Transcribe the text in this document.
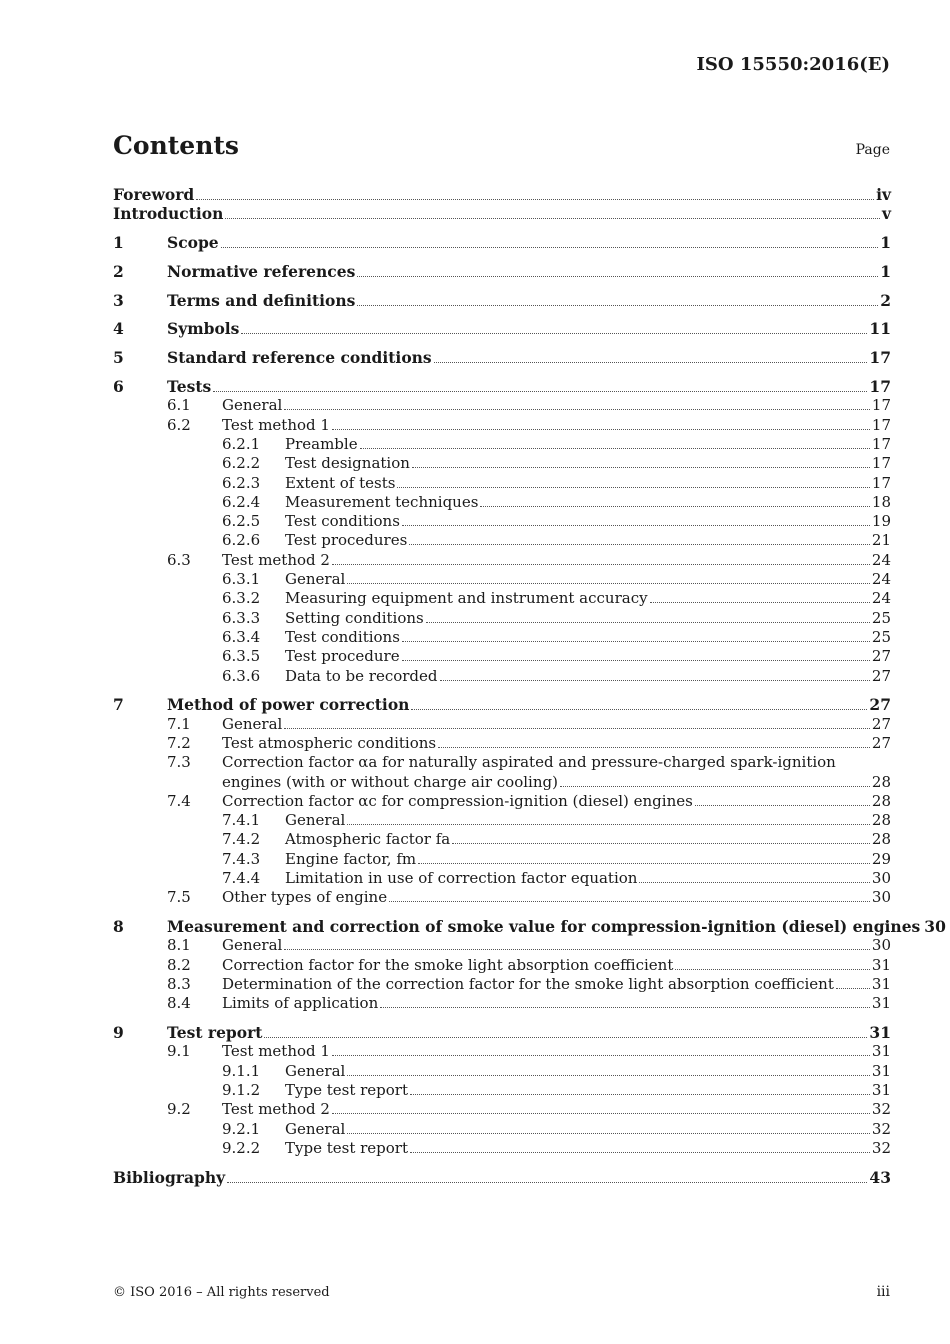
ISO 15550:2016(E)
Contents	Page
Foreword	iv
Introduction	v
1	Scope	1
2	Normative references	1
3	Terms and definitions	2
4	Symbols	11
5	Standard reference conditions	17
6	Tests	17
6.1 General	17
6.2 Test method 1	17
6.2.1 Preamble	17
6.2.2 Test designation	17
6.2.3 Extent of tests	17
6.2.4 Measurement techniques	18
6.2.5 Test conditions	19
6.2.6 Test procedures	21
6.3 Test method 2	24
6.3.1 General	24
6.3.2 Measuring equipment and instrument accuracy	24
6.3.3 Setting conditions	25
6.3.4 Test conditions	25
6.3.5 Test procedure	27
6.3.6 Data to be recorded	27
7	Method of power correction	27
7.1 General	27
7.2 Test atmospheric conditions	27
7.3 Correction factor αa for naturally aspirated and pressure-charged spark-ignition
engines (with or without charge air cooling)	28
7.4 Correction factor αc for compression-ignition (diesel) engines	28
7.4.1 General	28
7.4.2 Atmospheric factor fa	28
7.4.3 Engine factor, fm	29
7.4.4 Limitation in use of correction factor equation	30
7.5 Other types of engine	30
8	Measurement and correction of smoke value for compression-ignition (diesel) engines 30
8.1 General	30
8.2 Correction factor for the smoke light absorption coefficient	31
8.3 Determination of the correction factor for the smoke light absorption coefficient	31
8.4 Limits of application	31
9	Test report	31
9.1 Test method 1	31
9.1.1 General	31
9.1.2 Type test report	31
9.2 Test method 2	32
9.2.1 General	32
9.2.2 Type test report	32
Bibliography	43
© ISO 2016 – All rights reserved	iii
